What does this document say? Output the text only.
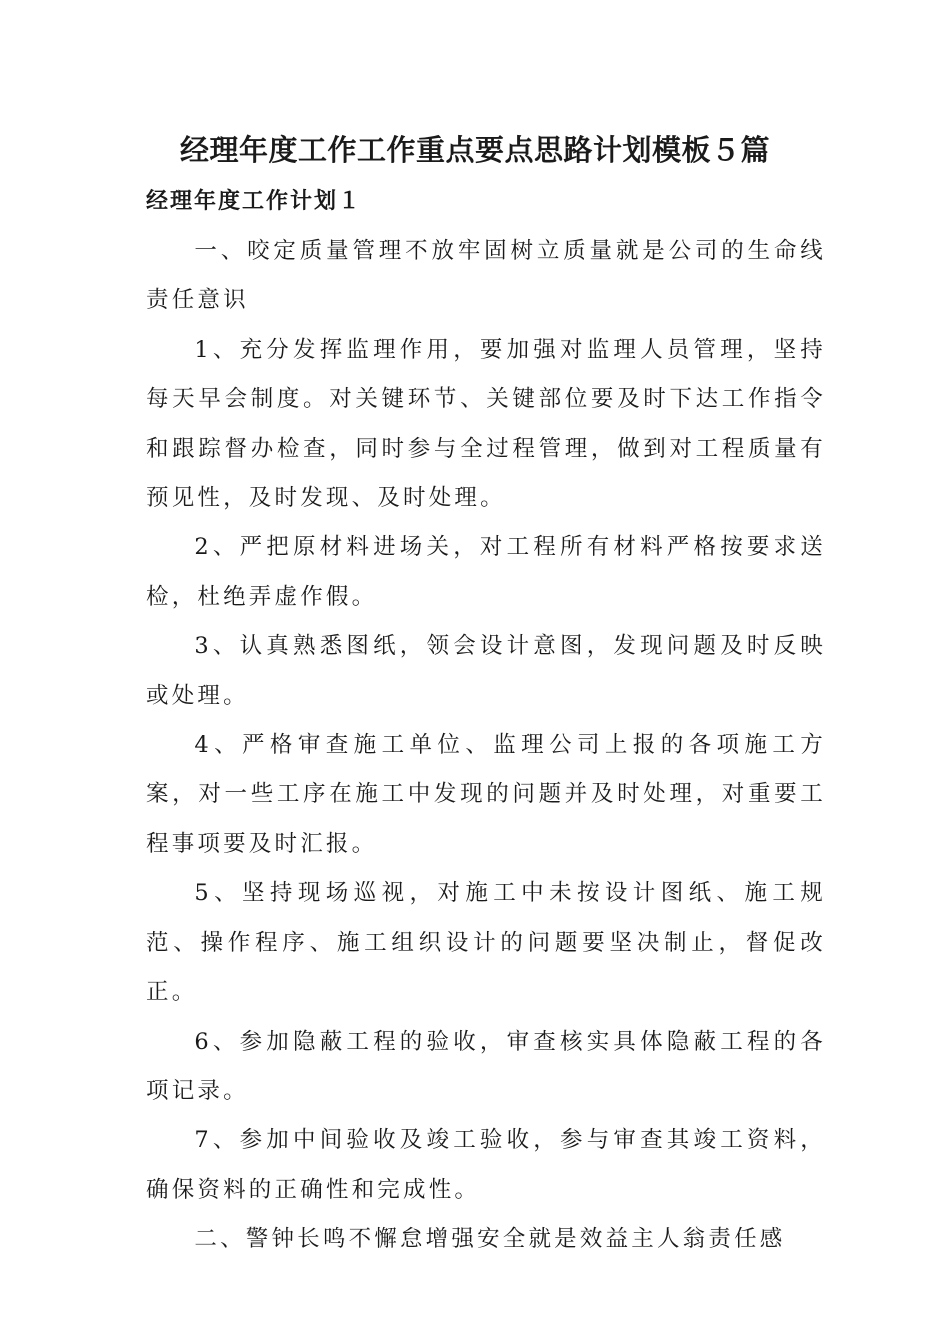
经理年度工作工作重点要点思路计划模板５篇
经理年度工作计划１

一、咬定质量管理不放牢固树立质量就是公司的生命线责任意识

1、充分发挥监理作用，要加强对监理人员管理，坚持每天早会制度。对关键环节、关键部位要及时下达工作指令和跟踪督办检查，同时参与全过程管理，做到对工程质量有预见性，及时发现、及时处理。

2、严把原材料进场关，对工程所有材料严格按要求送检，杜绝弄虚作假。

3、认真熟悉图纸，领会设计意图，发现问题及时反映或处理。

4、严格审查施工单位、监理公司上报的各项施工方案，对一些工序在施工中发现的问题并及时处理，对重要工程事项要及时汇报。

5、坚持现场巡视，对施工中未按设计图纸、施工规范、操作程序、施工组织设计的问题要坚决制止，督促改正。

6、参加隐蔽工程的验收，审查核实具体隐蔽工程的各项记录。

7、参加中间验收及竣工验收，参与审查其竣工资料，确保资料的正确性和完成性。

二、警钟长鸣不懈怠增强安全就是效益主人翁责任感
